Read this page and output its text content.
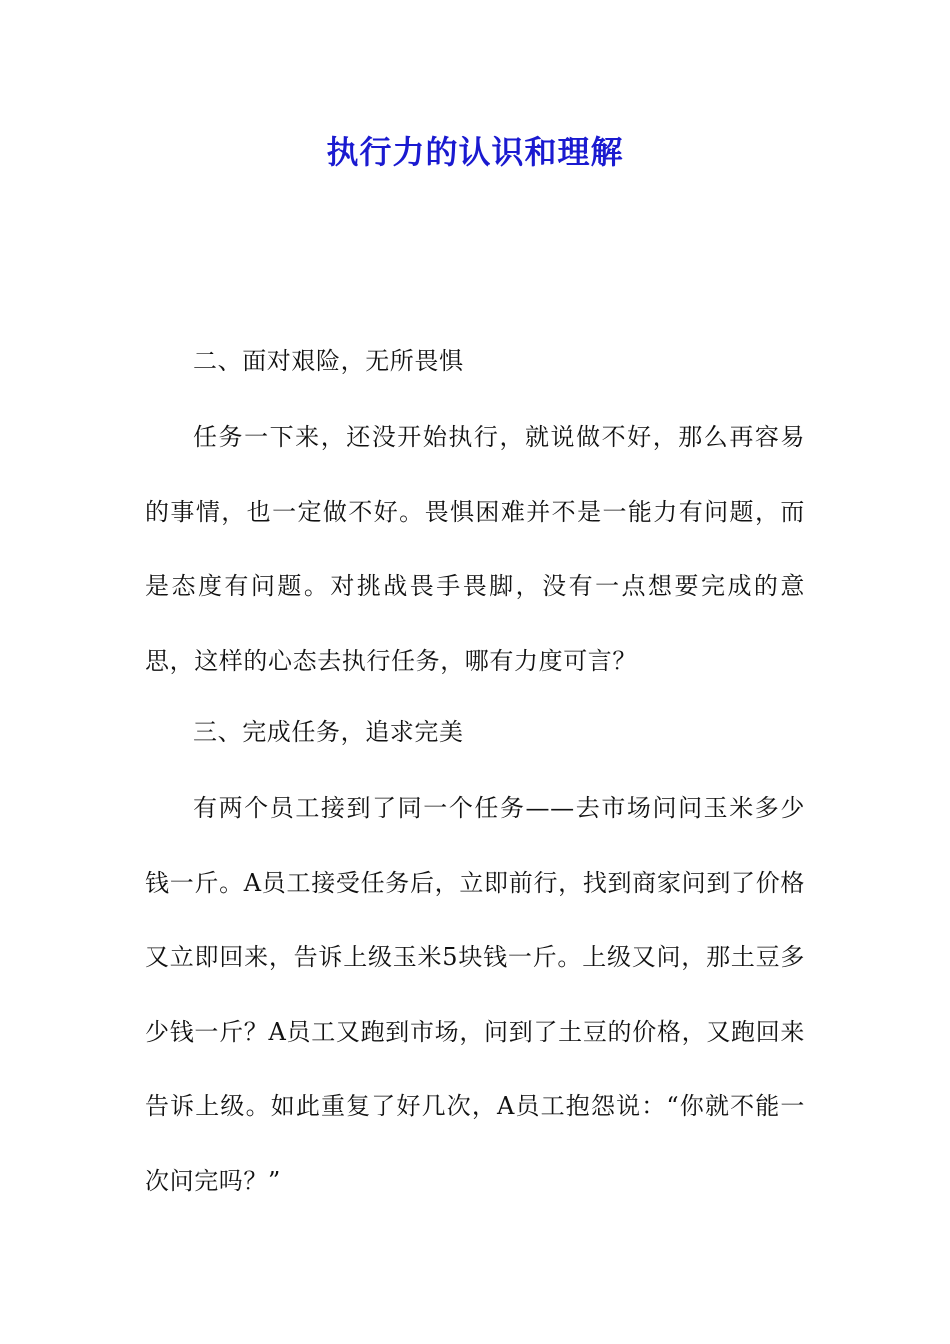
执行力的认识和理解
二、面对艰险，无所畏惧

任务一下来，还没开始执行，就说做不好，那么再容易的事情，也一定做不好。畏惧困难并不是一能力有问题，而是态度有问题。对挑战畏手畏脚，没有一点想要完成的意思，这样的心态去执行任务，哪有力度可言？

三、完成任务，追求完美

有两个员工接到了同一个任务——去市场问问玉米多少钱一斤。A员工接受任务后，立即前行，找到商家问到了价格又立即回来，告诉上级玉米5块钱一斤。上级又问，那土豆多少钱一斤？A员工又跑到市场，问到了土豆的价格，又跑回来告诉上级。如此重复了好几次，A员工抱怨说：“你就不能一次问完吗？”
